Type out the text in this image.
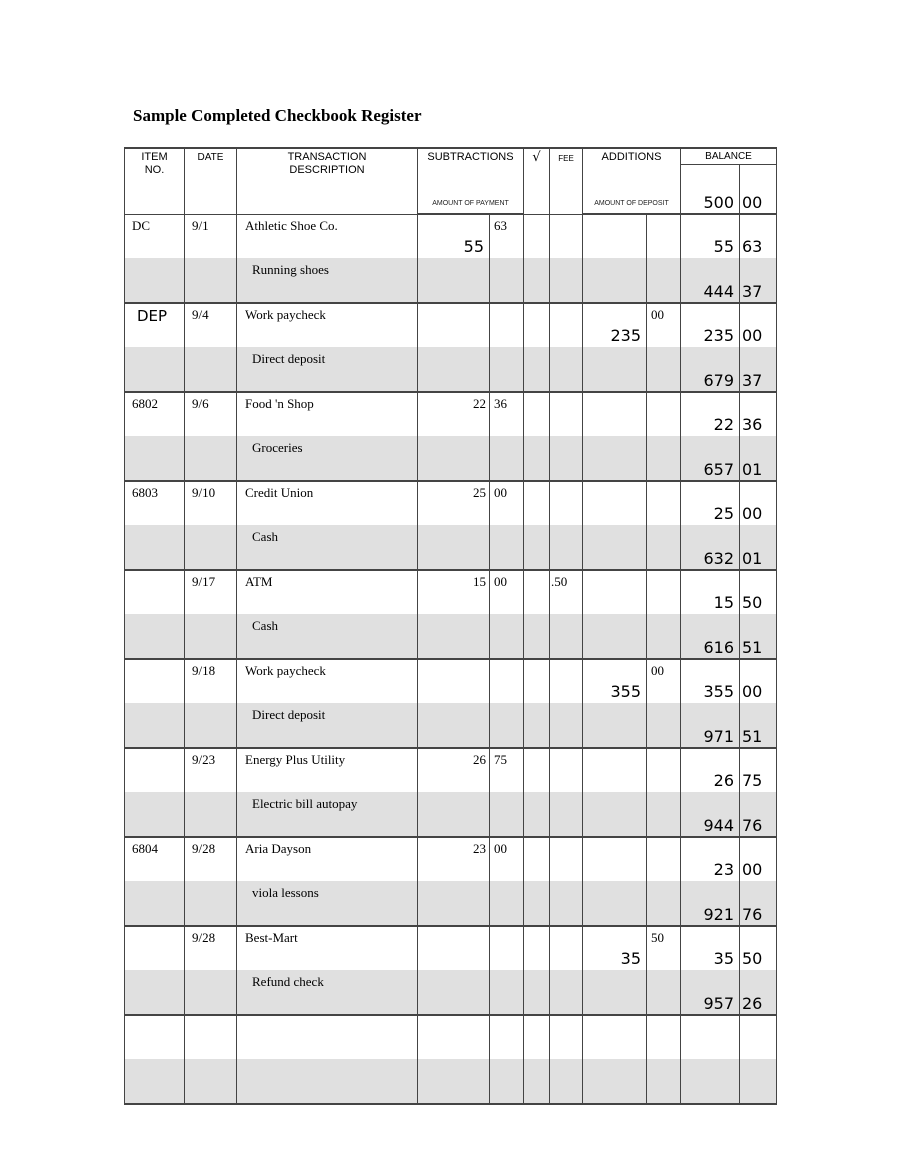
Sample Completed Checkbook Register
ITEM NO.	DATE	TRANSACTION DESCRIPTION	SUBTRACTIONS		√	FEE	ADDITIONS		BALANCE	
			AMOUNT OF PAYMENT				AMOUNT OF DEPOSIT		500	00
DC	9/1	Athletic Shoe Co.	55	63					55	63
		Running shoes							444	37
DEP	9/4	Work paycheck					235	00	235	00
		Direct deposit							679	37
6802	9/6	Food 'n Shop	22	36					22	36
		Groceries							657	01
6803	9/10	Credit Union	25	00					25	00
		Cash							632	01
	9/17	ATM	15	00		.50			15	50
		Cash							616	51
	9/18	Work paycheck					355	00	355	00
		Direct deposit							971	51
	9/23	Energy Plus Utility	26	75					26	75
		Electric bill autopay							944	76
6804	9/28	Aria Dayson	23	00					23	00
		viola lessons							921	76
	9/28	Best-Mart					35	50	35	50
		Refund check							957	26
